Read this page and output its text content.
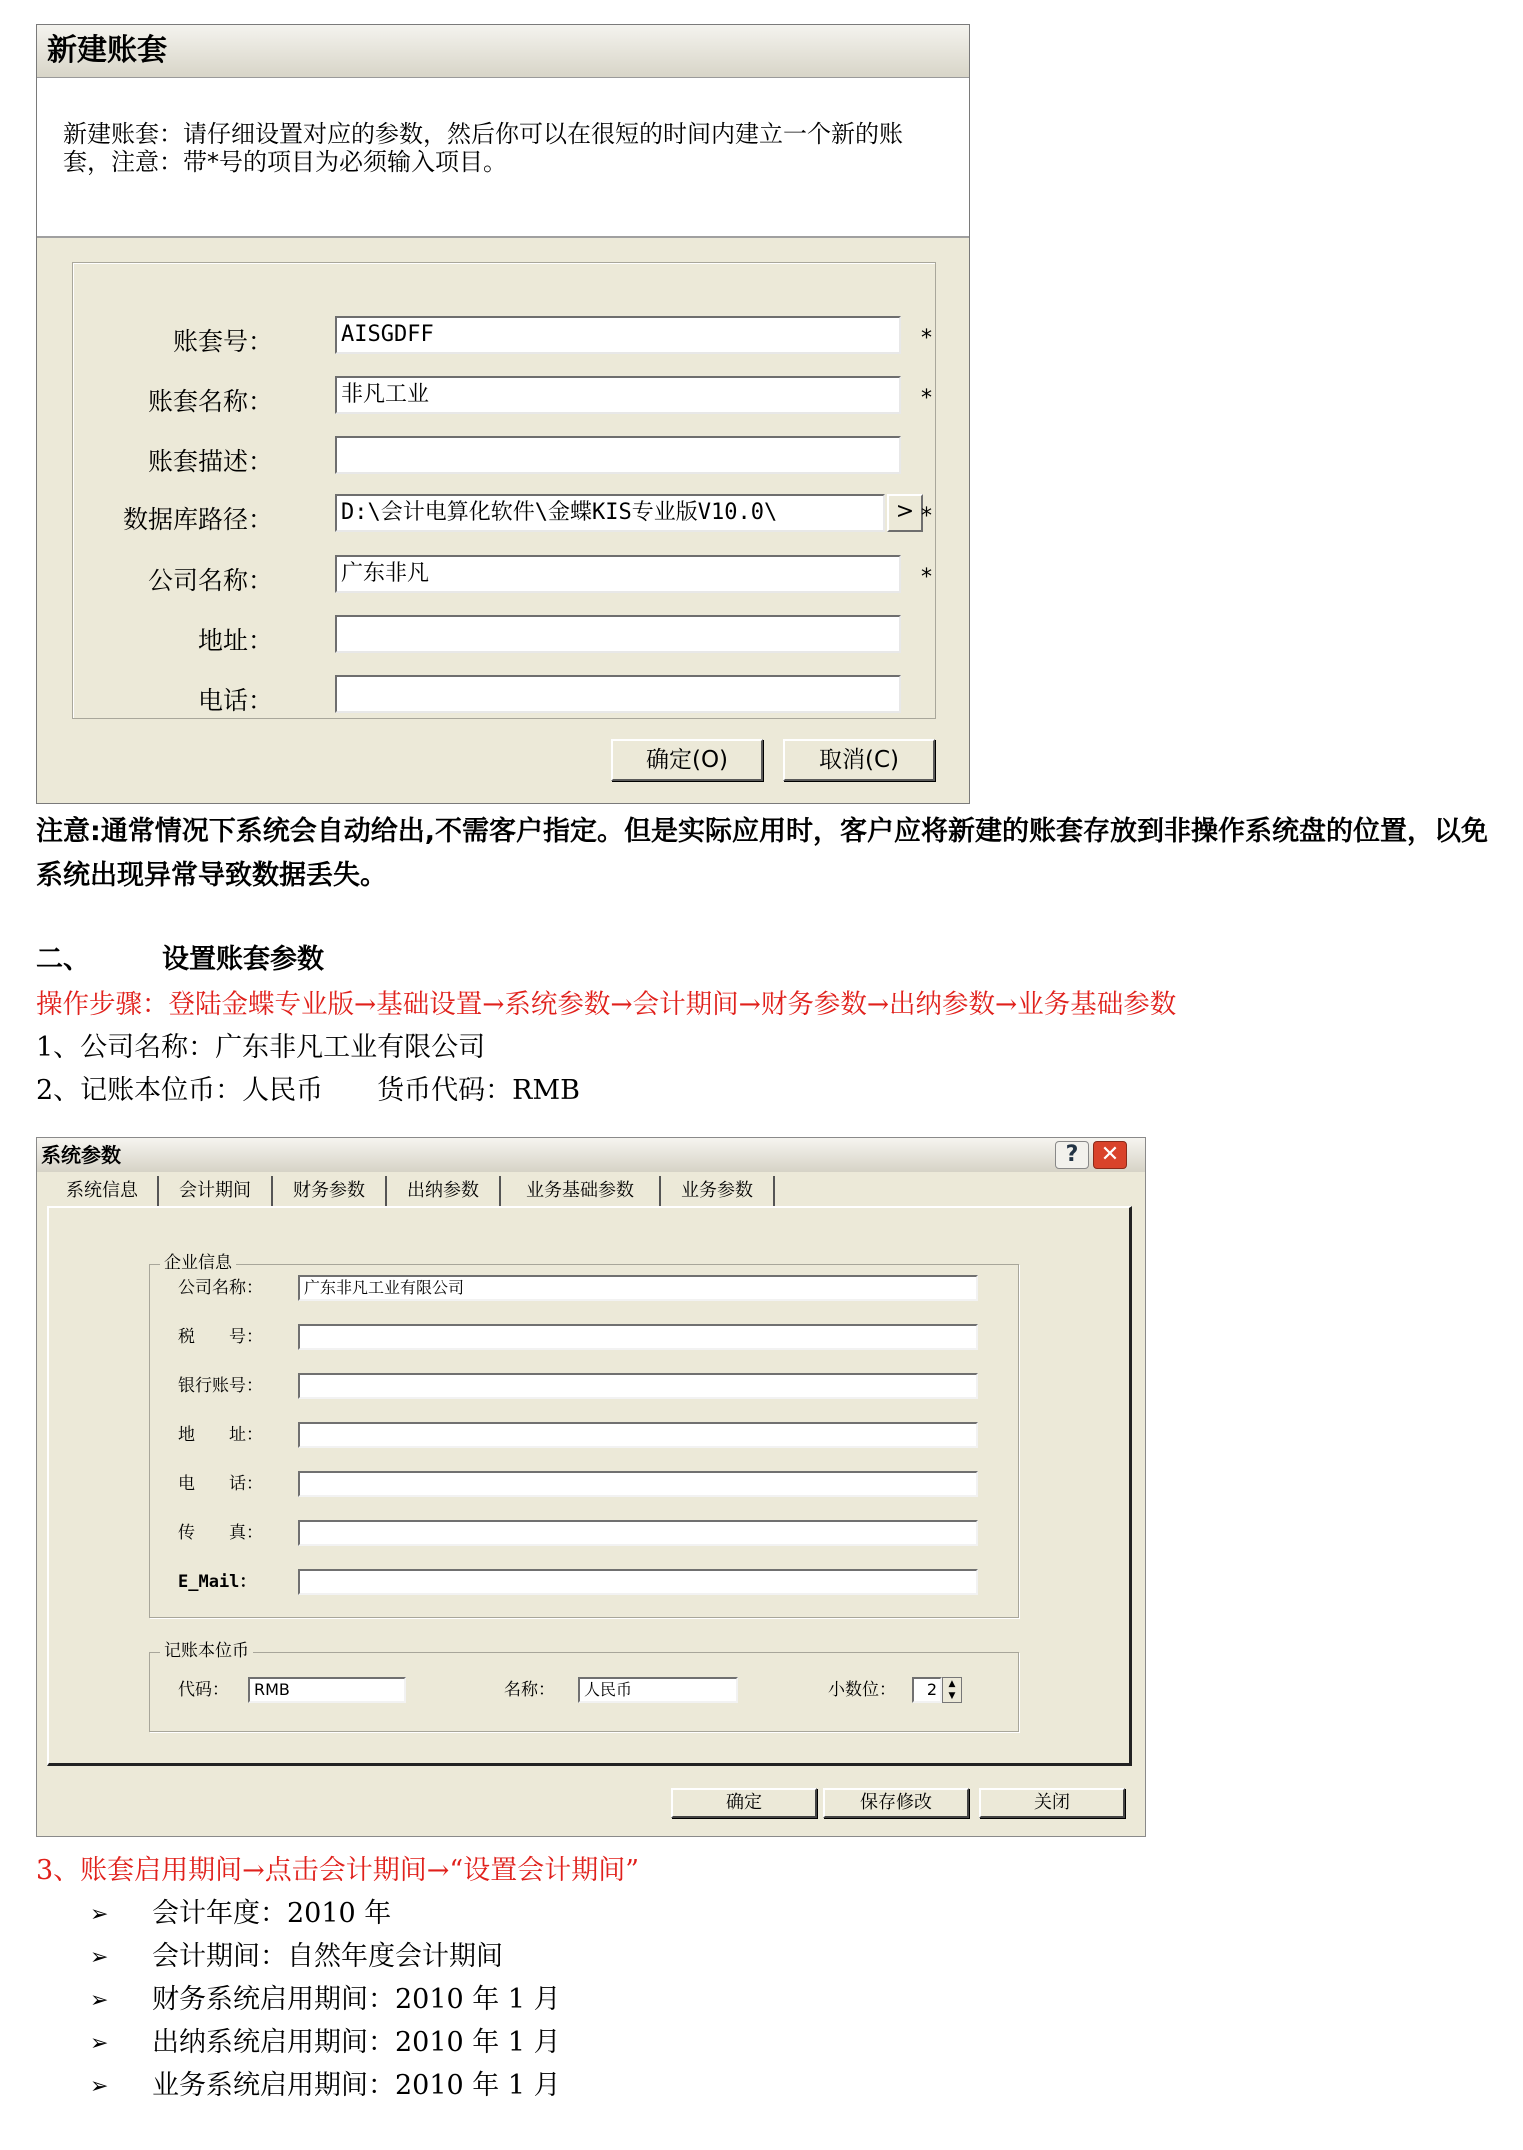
新建账套
新建账套：请仔细设置对应的参数，然后你可以在很短的时间内建立一个新的账套，注意：带*号的项目为必须输入项目。
账套号：	AISGDFF	*
账套名称：	非凡工业	*
账套描述：
数据库路径：	D:\会计电算化软件\金蝶KIS专业版V10.0\	> *
公司名称：	广东非凡	*
地址：
电话：
确定(O)	取消(C)
注意:通常情况下系统会自动给出,不需客户指定。但是实际应用时，客户应将新建的账套存放到非操作系统盘的位置，以免系统出现异常导致数据丢失。
二、	设置账套参数
操作步骤：登陆金蝶专业版→基础设置→系统参数→会计期间→财务参数→出纳参数→业务基础参数
1、公司名称：广东非凡工业有限公司
2、记账本位币：人民币　　货币代码：RMB
系统参数	?	✕
系统信息	会计期间	财务参数	出纳参数	业务基础参数	业务参数
企业信息
公司名称：	广东非凡工业有限公司
税　　号：
银行账号：
地　　址：
电　　话：
传　　真：
E_Mail：
记账本位币
代码：	RMB	名称：	人民币	小数位：	2	▲
▼
确定	保存修改	关闭
3、账套启用期间→点击会计期间→“设置会计期间”
➢ 会计年度：2010 年
➢ 会计期间：自然年度会计期间
➢ 财务系统启用期间：2010 年 1 月
➢ 出纳系统启用期间：2010 年 1 月
➢ 业务系统启用期间：2010 年 1 月
